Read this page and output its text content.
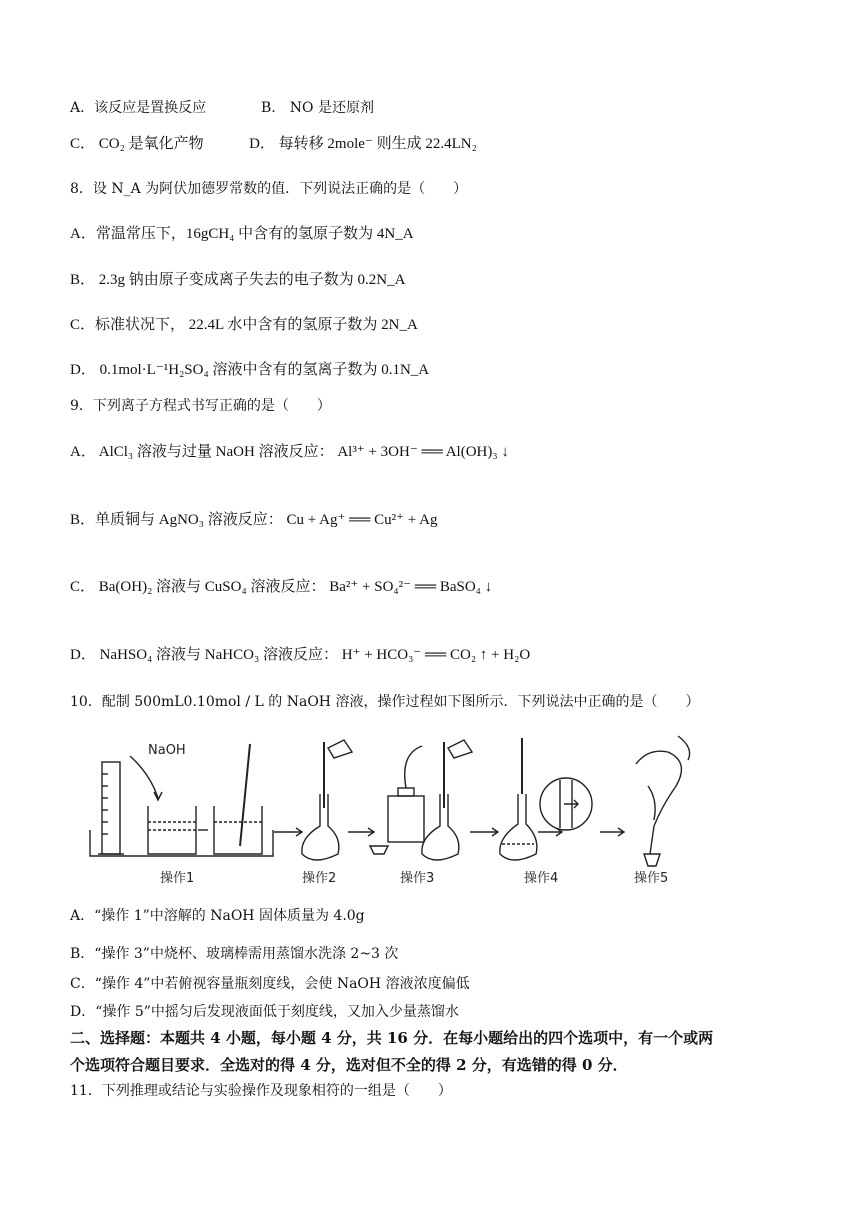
A．该反应是置换反应	B． NO 是还原剂
C． CO₂ 是氧化产物	D． 每转移 2mole⁻ 则生成 22.4LN₂
8．设 N_A 为阿伏加德罗常数的值．下列说法正确的是（　　）
A．常温常压下，16gCH₄ 中含有的氢原子数为 4N_A
B． 2.3g 钠由原子变成离子失去的电子数为 0.2N_A
C．标准状况下， 22.4L 水中含有的氢原子数为 2N_A
D． 0.1mol·L⁻¹H₂SO₄ 溶液中含有的氢离子数为 0.1N_A
9．下列离子方程式书写正确的是（　　）
A． AlCl₃ 溶液与过量 NaOH 溶液反应： Al³⁺ + 3OH⁻ ══ Al(OH)₃ ↓
B．单质铜与 AgNO₃ 溶液反应： Cu + Ag⁺ ══ Cu²⁺ + Ag
C． Ba(OH)₂ 溶液与 CuSO₄ 溶液反应： Ba²⁺ + SO₄²⁻ ══ BaSO₄ ↓
D． NaHSO₄ 溶液与 NaHCO₃ 溶液反应： H⁺ + HCO₃⁻ ══ CO₂ ↑ + H₂O
10．配制 500mL0.10mol / L 的 NaOH 溶液，操作过程如下图所示．下列说法中正确的是（　　）
NaOH
操作1	操作2	操作3	操作4	操作5
A．“操作 1”中溶解的 NaOH 固体质量为 4.0g
B．“操作 3”中烧杯、玻璃棒需用蒸馏水洗涤 2~3 次
C．“操作 4”中若俯视容量瓶刻度线，会使 NaOH 溶液浓度偏低
D．“操作 5”中摇匀后发现液面低于刻度线，又加入少量蒸馏水
二、选择题：本题共 4 小题，每小题 4 分，共 16 分．在每小题给出的四个选项中，有一个或两
个选项符合题目要求．全选对的得 4 分，选对但不全的得 2 分，有选错的得 0 分．
11．下列推理或结论与实验操作及现象相符的一组是（　　）
